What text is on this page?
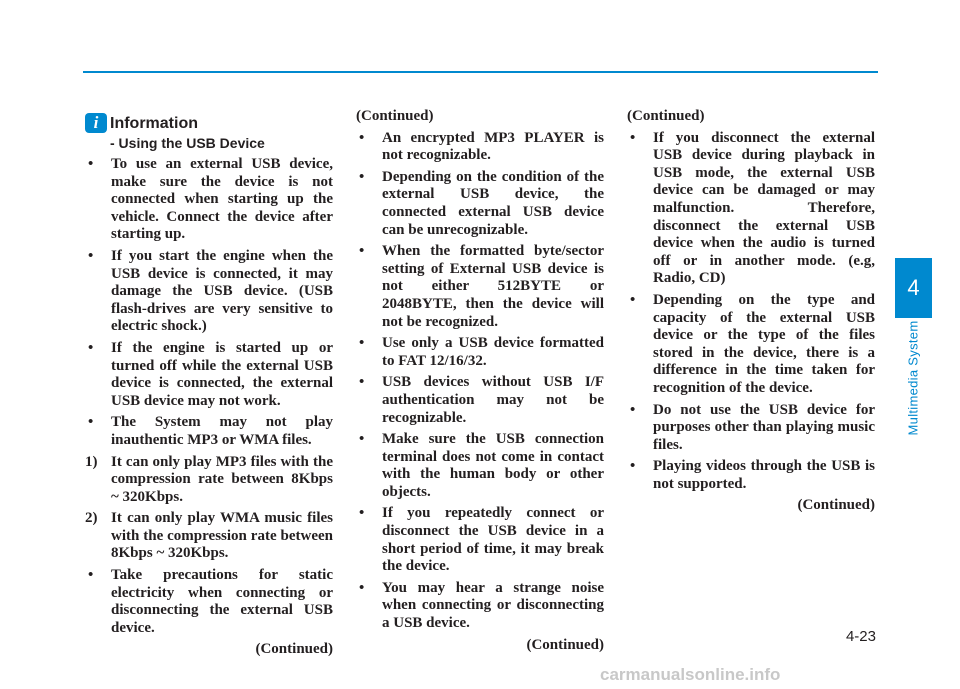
i Information
- Using the USB Device
•	To use an external USB device, make sure the device is not connected when starting up the vehicle. Connect the device after starting up.
•	If you start the engine when the USB device is connected, it may damage the USB device. (USB flash-drives are very sensitive to electric shock.)
•	If the engine is started up or turned off while the external USB device is connected, the external USB device may not work.
•	The System may not play inauthentic MP3 or WMA files.
1) It can only play MP3 files with the compression rate between 8Kbps ~ 320Kbps.
2) It can only play WMA music files with the compression rate between 8Kbps ~ 320Kbps.
•	Take precautions for static electricity when connecting or disconnecting the external USB device.
(Continued)
(Continued)
•	An encrypted MP3 PLAYER is not recognizable.
•	Depending on the condition of the external USB device, the connected external USB device can be unrecognizable.
•	When the formatted byte/sector setting of External USB device is not either 512BYTE or 2048BYTE, then the device will not be recognized.
•	Use only a USB device formatted to FAT 12/16/32.
•	USB devices without USB I/F authentication may not be recognizable.
•	Make sure the USB connection terminal does not come in contact with the human body or other objects.
•	If you repeatedly connect or disconnect the USB device in a short period of time, it may break the device.
•	You may hear a strange noise when connecting or disconnecting a USB device.
(Continued)
(Continued)
•	If you disconnect the external USB device during playback in USB mode, the external USB device can be damaged or may malfunction. Therefore, disconnect the external USB device when the audio is turned off or in another mode. (e.g, Radio, CD)
•	Depending on the type and capacity of the external USB device or the type of the files stored in the device, there is a difference in the time taken for recognition of the device.
•	Do not use the USB device for purposes other than playing music files.
•	Playing videos through the USB is not supported.
(Continued)
4
Multimedia System
4-23
carmanualsonline.info
